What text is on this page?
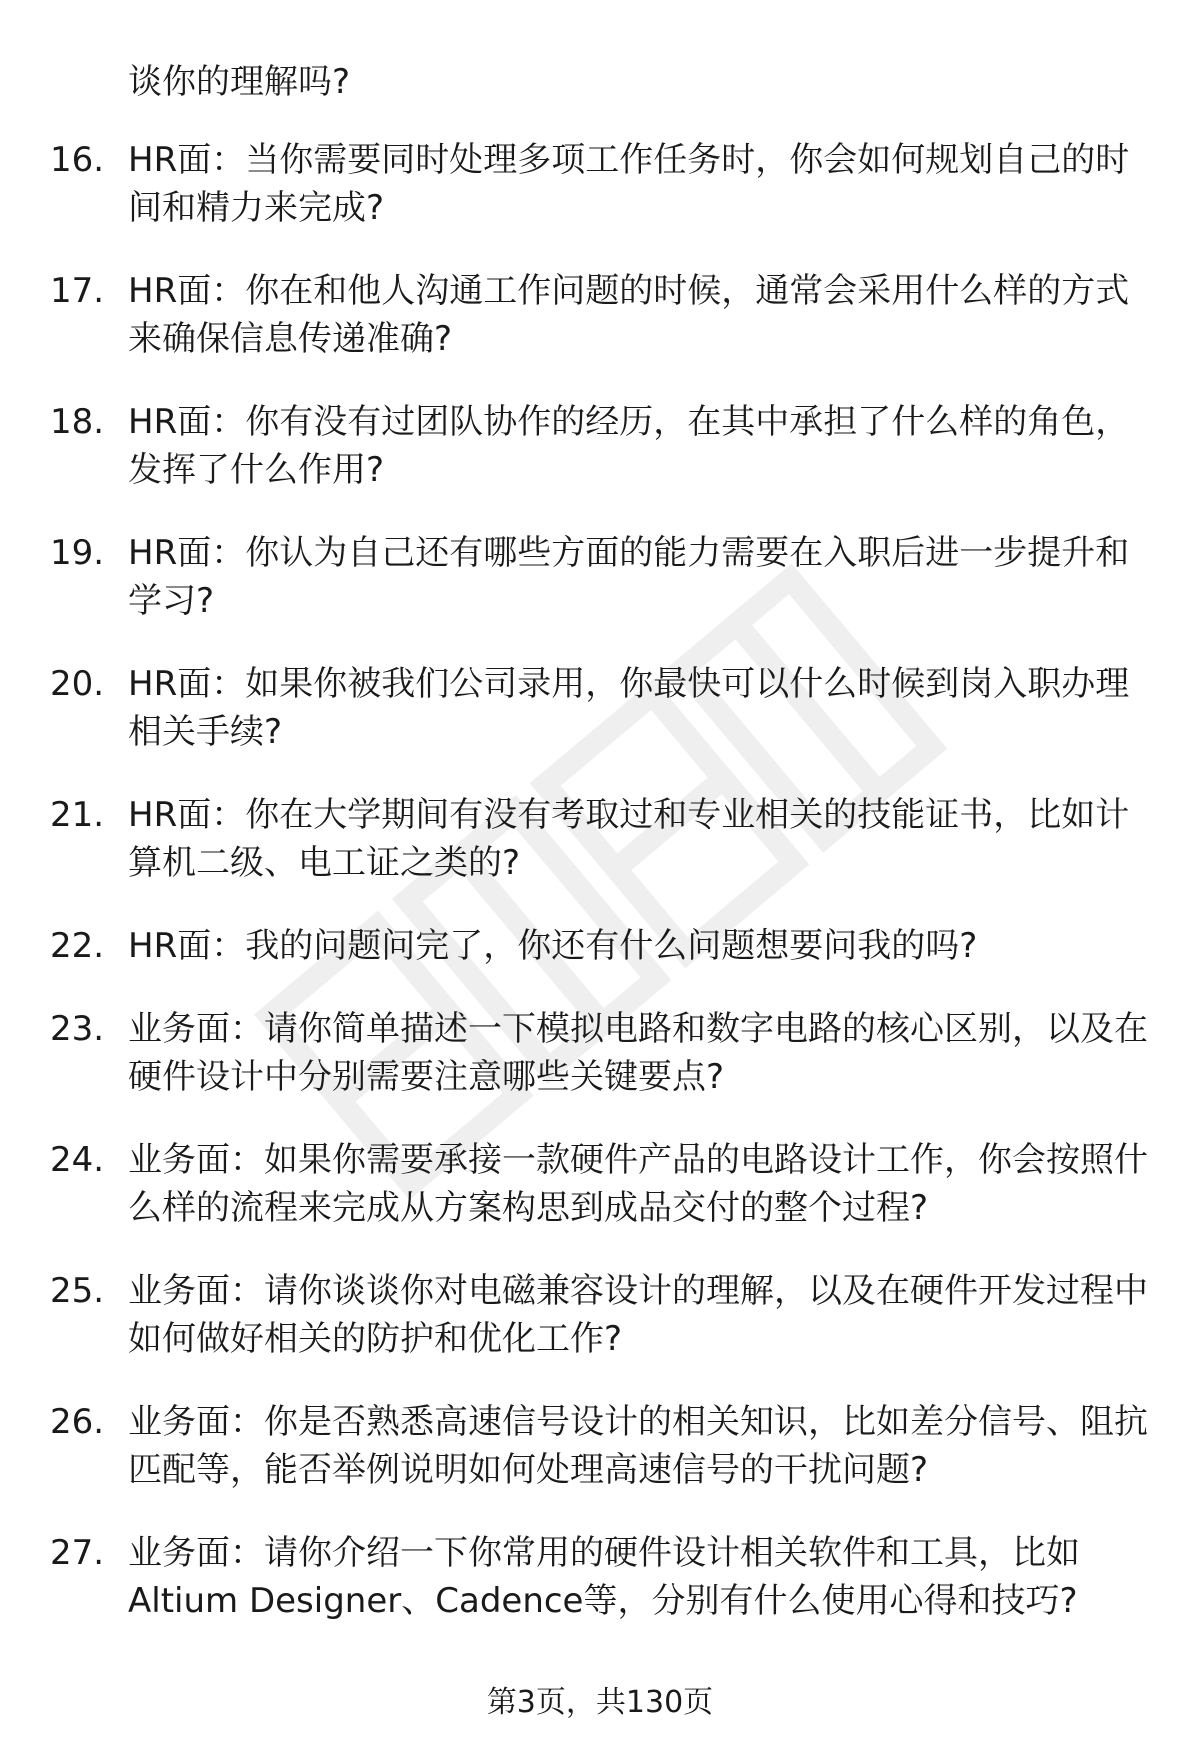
谈你的理解吗?
16. HR面：当你需要同时处理多项工作任务时，你会如何规划自己的时间和精力来完成?
17. HR面：你在和他人沟通工作问题的时候，通常会采用什么样的方式来确保信息传递准确?
18. HR面：你有没有过团队协作的经历，在其中承担了什么样的角色，发挥了什么作用?
19. HR面：你认为自己还有哪些方面的能力需要在入职后进一步提升和学习?
20. HR面：如果你被我们公司录用，你最快可以什么时候到岗入职办理相关手续?
21. HR面：你在大学期间有没有考取过和专业相关的技能证书，比如计算机二级、电工证之类的?
22. HR面：我的问题问完了，你还有什么问题想要问我的吗?
23. 业务面：请你简单描述一下模拟电路和数字电路的核心区别，以及在硬件设计中分别需要注意哪些关键要点?
24. 业务面：如果你需要承接一款硬件产品的电路设计工作，你会按照什么样的流程来完成从方案构思到成品交付的整个过程?
25. 业务面：请你谈谈你对电磁兼容设计的理解，以及在硬件开发过程中如何做好相关的防护和优化工作?
26. 业务面：你是否熟悉高速信号设计的相关知识，比如差分信号、阻抗匹配等，能否举例说明如何处理高速信号的干扰问题?
27. 业务面：请你介绍一下你常用的硬件设计相关软件和工具，比如Altium Designer、Cadence等，分别有什么使用心得和技巧?
第3页，共130页
